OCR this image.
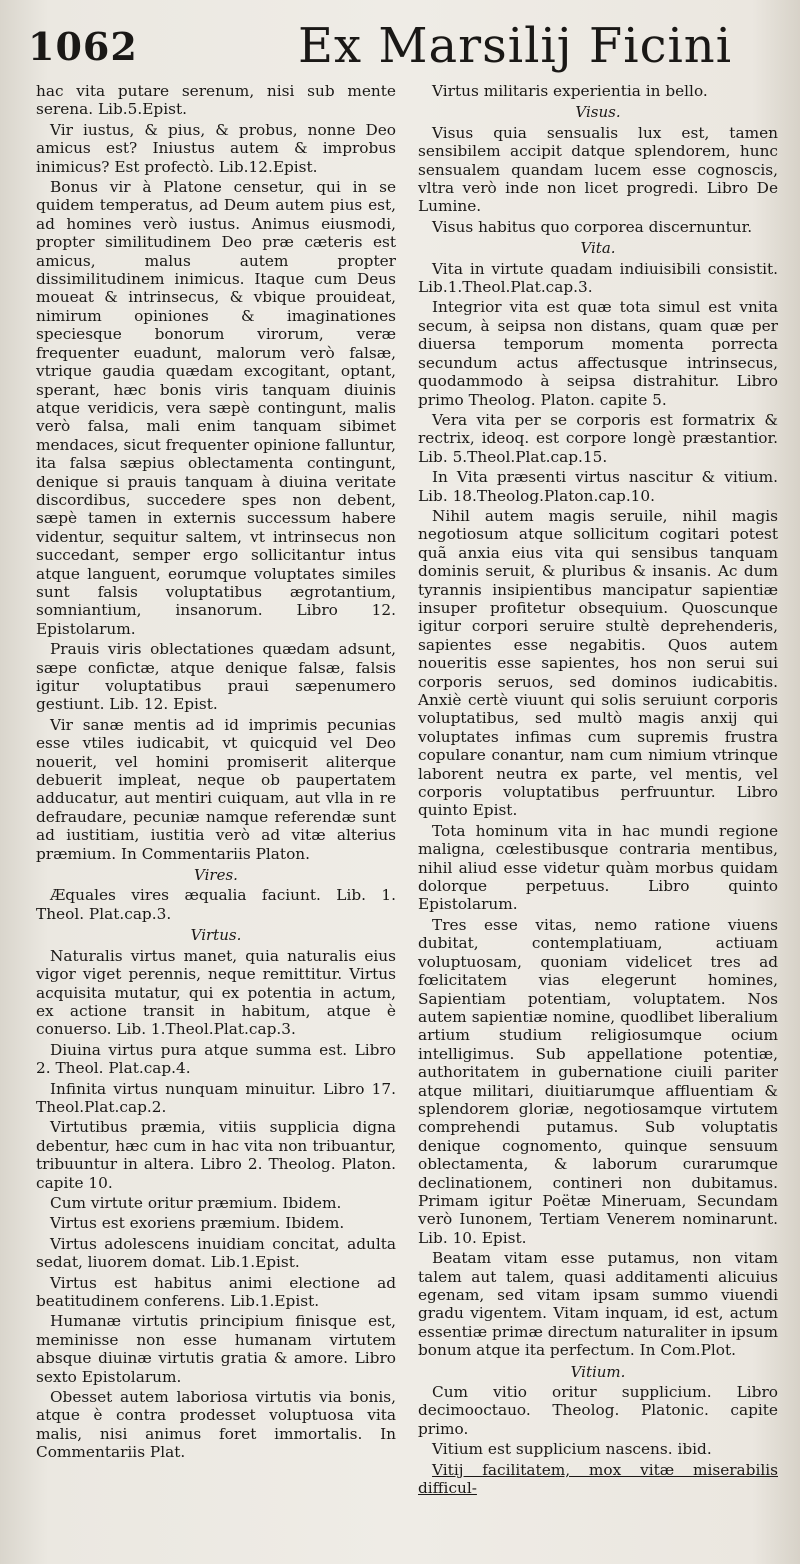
1062	Ex Marsilij Ficini

hac vita putare serenum, nisi sub mente serena. Lib.5.Epist.

Vir iustus, & pius, & probus, nonne Deo amicus est? Iniustus autem & improbus inimicus? Est profectò. Lib.12.Epist.

Bonus vir à Platone censetur, qui in se quidem temperatus, ad Deum autem pius est, ad homines verò iustus. Animus eiusmodi, propter similitudinem Deo præ cæteris est amicus, malus autem propter dissimilitudinem inimicus. Itaque cum Deus moueat & intrinsecus, & vbique prouideat, nimirum opiniones & imaginationes speciesque bonorum virorum, veræ frequenter euadunt, malorum verò falsæ, vtrique gaudia quædam excogitant, optant, sperant, hæc bonis viris tanquam diuinis atque veridicis, vera sæpè contingunt, malis verò falsa, mali enim tanquam sibimet mendaces, sicut frequenter opinione falluntur, ita falsa sæpius oblectamenta contingunt, denique si prauis tanquam à diuina veritate discordibus, succedere spes non debent, sæpè tamen in externis successum habere videntur, sequitur saltem, vt intrinsecus non succedant, semper ergo sollicitantur intus atque languent, eorumque voluptates similes sunt falsis voluptatibus ægrotantium, somniantium, insanorum. Libro 12. Epistolarum.

Prauis viris oblectationes quædam adsunt, sæpe confictæ, atque denique falsæ, falsis igitur voluptatibus praui sæpenumero gestiunt. Lib. 12. Epist.

Vir sanæ mentis ad id imprimis pecunias esse vtiles iudicabit, vt quicquid vel Deo nouerit, vel homini promiserit aliterque debuerit impleat, neque ob paupertatem adducatur, aut mentiri cuiquam, aut vlla in re defraudare, pecuniæ namque referendæ sunt ad iustitiam, iustitia verò ad vitæ alterius præmium. In Commentariis Platon.

Vires.

Æquales vires æqualia faciunt. Lib. 1. Theol. Plat.cap.3.

Virtus.

Naturalis virtus manet, quia naturalis eius vigor viget perennis, neque remittitur. Virtus acquisita mutatur, qui ex potentia in actum, ex actione transit in habitum, atque è conuerso. Lib. 1.Theol.Plat.cap.3.

Diuina virtus pura atque summa est. Libro 2. Theol. Plat.cap.4.

Infinita virtus nunquam minuitur. Libro 17. Theol.Plat.cap.2.

Virtutibus præmia, vitiis supplicia digna debentur, hæc cum in hac vita non tribuantur, tribuuntur in altera. Libro 2. Theolog. Platon. capite 10.

Cum virtute oritur præmium. Ibidem.

Virtus est exoriens præmium. Ibidem.

Virtus adolescens inuidiam concitat, adulta sedat, liuorem domat. Lib.1.Epist.

Virtus est habitus animi electione ad beatitudinem conferens. Lib.1.Epist.

Humanæ virtutis principium finisque est, meminisse non esse humanam virtutem absque diuinæ virtutis gratia & amore. Libro sexto Epistolarum.

Obesset autem laboriosa virtutis via bonis, atque è contra prodesset voluptuosa vita malis, nisi animus foret immortalis. In Commentariis Plat.

Virtus militaris experientia in bello.

Visus.

Visus quia sensualis lux est, tamen sensibilem accipit datque splendorem, hunc sensualem quandam lucem esse cognoscis, vltra verò inde non licet progredi. Libro De Lumine.

Visus habitus quo corporea discernuntur.

Vita.

Vita in virtute quadam indiuisibili consistit. Lib.1.Theol.Plat.cap.3.

Integrior vita est quæ tota simul est vnita secum, à seipsa non distans, quam quæ per diuersa temporum momenta porrecta secundum actus affectusque intrinsecus, quodammodo à seipsa distrahitur. Libro primo Theolog. Platon. capite 5.

Vera vita per se corporis est formatrix & rectrix, ideoq. est corpore longè præstantior. Lib. 5.Theol.Plat.cap.15.

In Vita præsenti virtus nascitur & vitium. Lib. 18.Theolog.Platon.cap.10.

Nihil autem magis seruile, nihil magis negotiosum atque sollicitum cogitari potest quã anxia eius vita qui sensibus tanquam dominis seruit, & pluribus & insanis. Ac dum tyrannis insipientibus mancipatur sapientiæ insuper profitetur obsequium. Quoscunque igitur corpori seruire stultè deprehenderis, sapientes esse negabitis. Quos autem noueritis esse sapientes, hos non serui sui corporis seruos, sed dominos iudicabitis. Anxiè certè viuunt qui solis seruiunt corporis voluptatibus, sed multò magis anxij qui voluptates infimas cum supremis frustra copulare conantur, nam cum nimium vtrinque laborent neutra ex parte, vel mentis, vel corporis voluptatibus perfruuntur. Libro quinto Epist.

Tota hominum vita in hac mundi regione maligna, cœlestibusque contraria mentibus, nihil aliud esse videtur quàm morbus quidam dolorque perpetuus. Libro quinto Epistolarum.

Tres esse vitas, nemo ratione viuens dubitat, contemplatiuam, actiuam voluptuosam, quoniam videlicet tres ad fœlicitatem vias elegerunt homines, Sapientiam potentiam, voluptatem. Nos autem sapientiæ nomine, quodlibet liberalium artium studium religiosumque ocium intelligimus. Sub appellatione potentiæ, authoritatem in gubernatione ciuili pariter atque militari, diuitiarumque affluentiam & splendorem gloriæ, negotiosamque virtutem comprehendi putamus. Sub voluptatis denique cognomento, quinque sensuum oblectamenta, & laborum curarumque declinationem, contineri non dubitamus. Primam igitur Poëtæ Mineruam, Secundam verò Iunonem, Tertiam Venerem nominarunt. Lib. 10. Epist.

Beatam vitam esse putamus, non vitam talem aut talem, quasi additamenti alicuius egenam, sed vitam ipsam summo viuendi gradu vigentem. Vitam inquam, id est, actum essentiæ primæ directum naturaliter in ipsum bonum atque ita perfectum. In Com.Plot.

Vitium.

Cum vitio oritur supplicium. Libro decimooctauo. Theolog. Platonic. capite primo.

Vitium est supplicium nascens. ibid.

Vitij facilitatem, mox vitæ miserabilis difficul-
